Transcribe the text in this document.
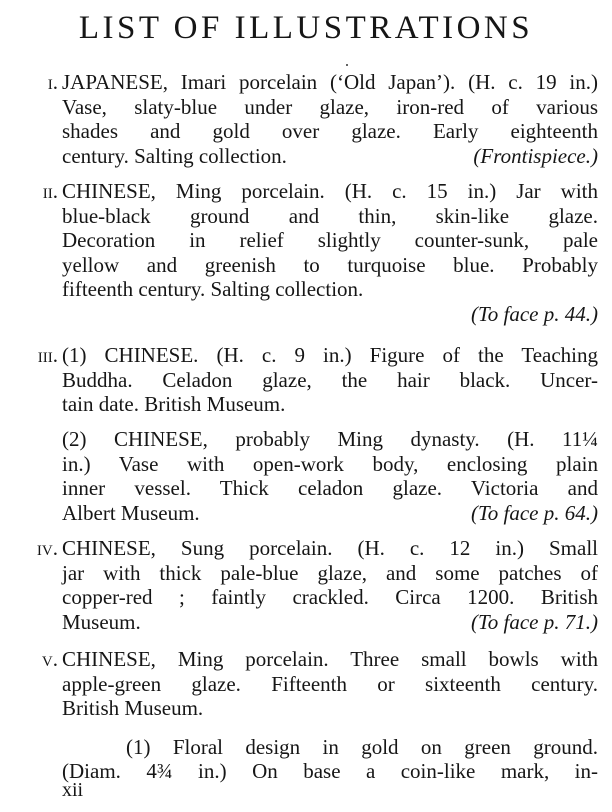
LIST OF ILLUSTRATIONS
i. JAPANESE, Imari porcelain (‘Old Japan’). (H. c. 19 in.)
Vase, slaty-blue under glaze, iron-red of various
shades and gold over glaze. Early eighteenth
century. Salting collection.	(Frontispiece.)
ii. CHINESE, Ming porcelain. (H. c. 15 in.) Jar with
blue-black ground and thin, skin-like glaze.
Decoration in relief slightly counter-sunk, pale
yellow and greenish to turquoise blue. Probably
fifteenth century. Salting collection.
(To face p. 44.)
iii. (1) CHINESE. (H. c. 9 in.) Figure of the Teaching
Buddha. Celadon glaze, the hair black. Uncer-
tain date. British Museum.
(2) CHINESE, probably Ming dynasty. (H. 11¼
in.) Vase with open-work body, enclosing plain
inner vessel. Thick celadon glaze. Victoria and
Albert Museum.	(To face p. 64.)
iv. CHINESE, Sung porcelain. (H. c. 12 in.) Small
jar with thick pale-blue glaze, and some patches of
copper-red ; faintly crackled. Circa 1200. British
Museum.	(To face p. 71.)
v. CHINESE, Ming porcelain. Three small bowls with
apple-green glaze. Fifteenth or sixteenth century.
British Museum.
(1) Floral design in gold on green ground.
(Diam. 4¾ in.) On base a coin-like mark, in-
xii
